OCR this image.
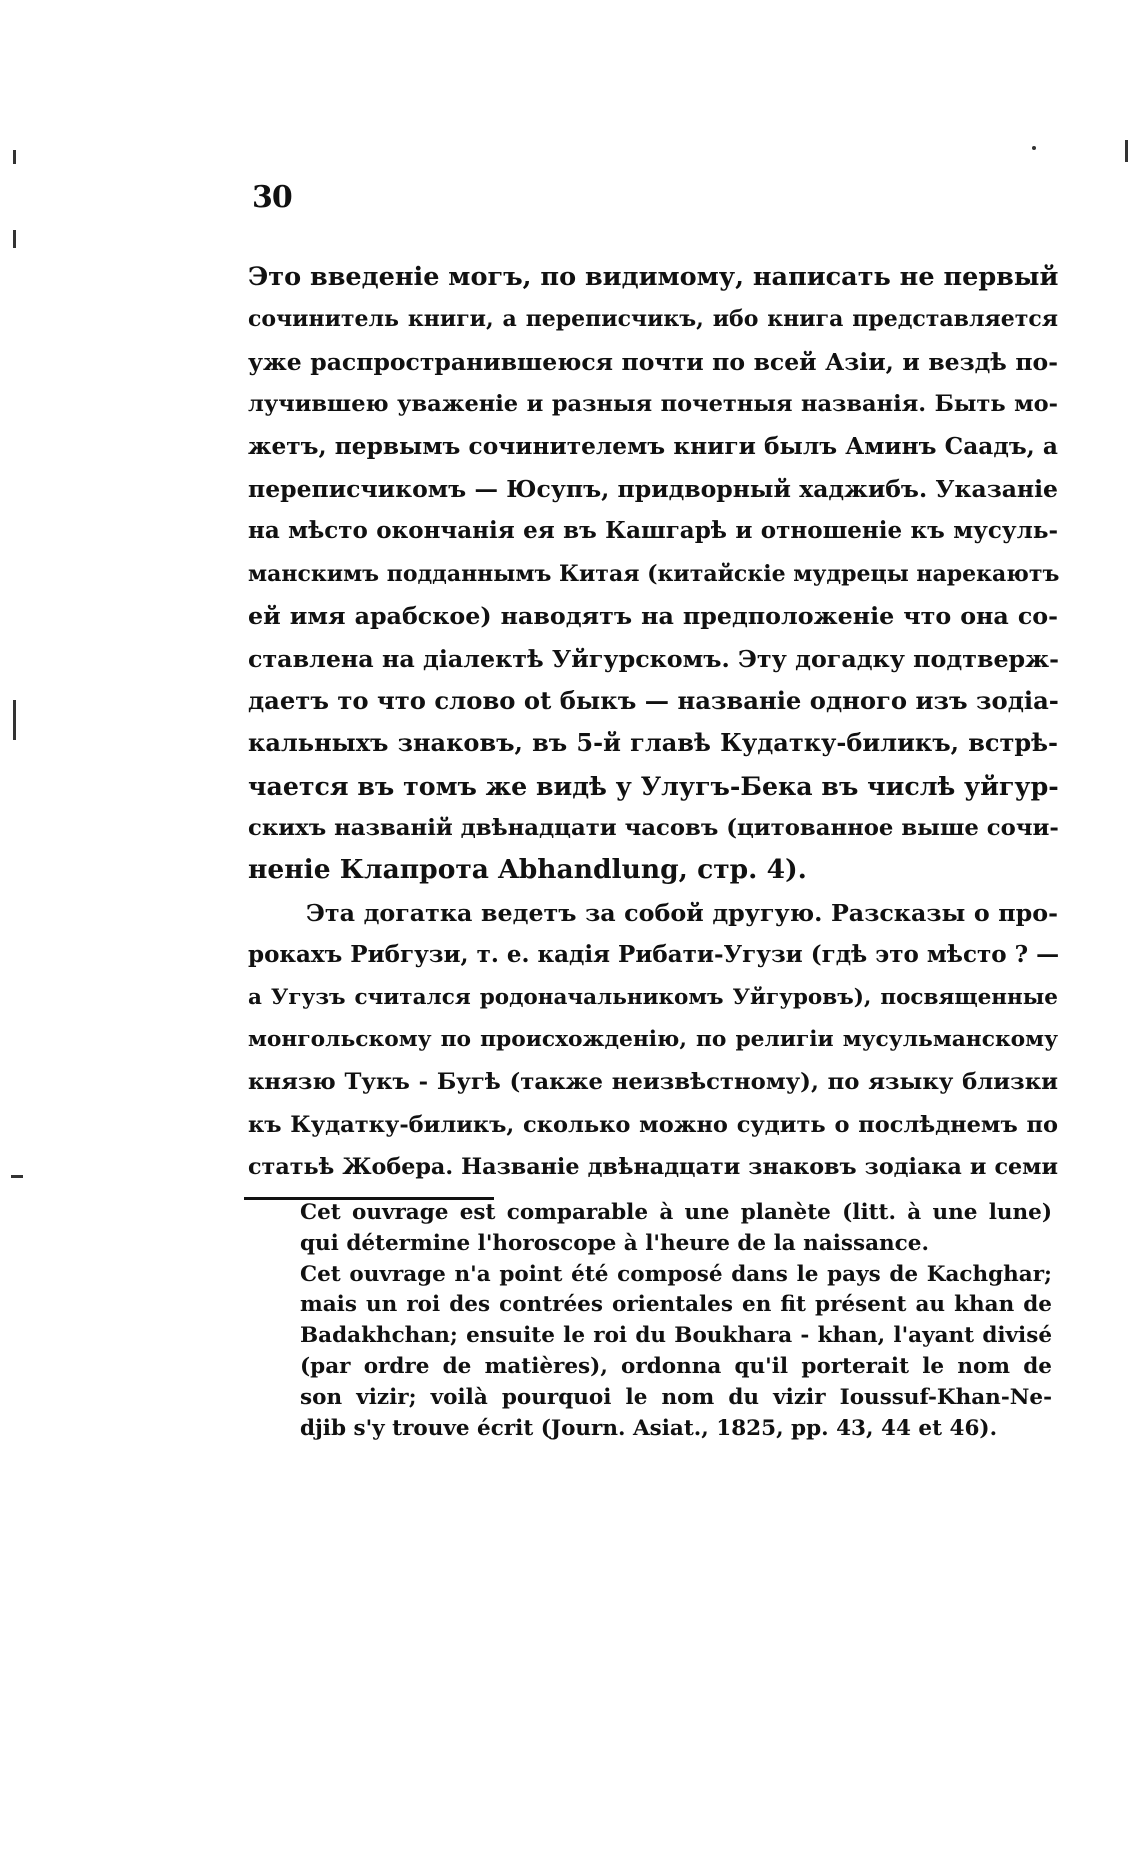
30
Это введеніе могъ, по видимому, написать не первый
сочинитель книги, а переписчикъ, ибо книга представляется
уже распространившеюся почти по всей Азіи, и вездѣ по-
лучившею уваженіе и разныя почетныя названія. Быть мо-
жетъ, первымъ сочинителемъ книги былъ Аминъ Саадъ, а
переписчикомъ — Юсупъ, придворный хаджибъ. Указаніе
на мѣсто окончанія ея въ Кашгарѣ и отношеніе къ мусуль-
манскимъ подданнымъ Китая (китайскіе мудрецы нарекаютъ
ей имя арабское) наводятъ на предположеніе что она со-
ставлена на діалектѣ Уйгурскомъ. Эту догадку подтверж-
даетъ то что слово ot быкъ — названіе одного изъ зодіа-
кальныхъ знаковъ, въ 5-й главѣ Кудатку-биликъ, встрѣ-
чается въ томъ же видѣ у Улугъ-Бека въ числѣ уйгур-
скихъ названій двѣнадцати часовъ (цитованное выше сочи-
неніе Клапрота Abhandlung, стр. 4).
Эта догатка ведетъ за собой другую. Разсказы о про-
рокахъ Рибгузи, т. е. кадія Рибати-Угузи (гдѣ это мѣсто ? —
а Угузъ считался родоначальникомъ Уйгуровъ), посвященные
монгольскому по происхожденію, по религіи мусульманскому
князю Тукъ - Бугѣ (также неизвѣстному), по языку близки
къ Кудатку-биликъ, сколько можно судить о послѣднемъ по
статьѣ Жобера. Названіе двѣнадцати знаковъ зодіака и семи
Cet ouvrage est comparable à une planète (litt. à une lune)
qui détermine l'horoscope à l'heure de la naissance.
Cet ouvrage n'a point été composé dans le pays de Kachghar;
mais un roi des contrées orientales en fit présent au khan de
Badakhchan; ensuite le roi du Boukhara - khan, l'ayant divisé
(par ordre de matières), ordonna qu'il porterait le nom de
son vizir; voilà pourquoi le nom du vizir Ioussuf-Khan-Ne-
djib s'y trouve écrit (Journ. Asiat., 1825, pp. 43, 44 et 46).
